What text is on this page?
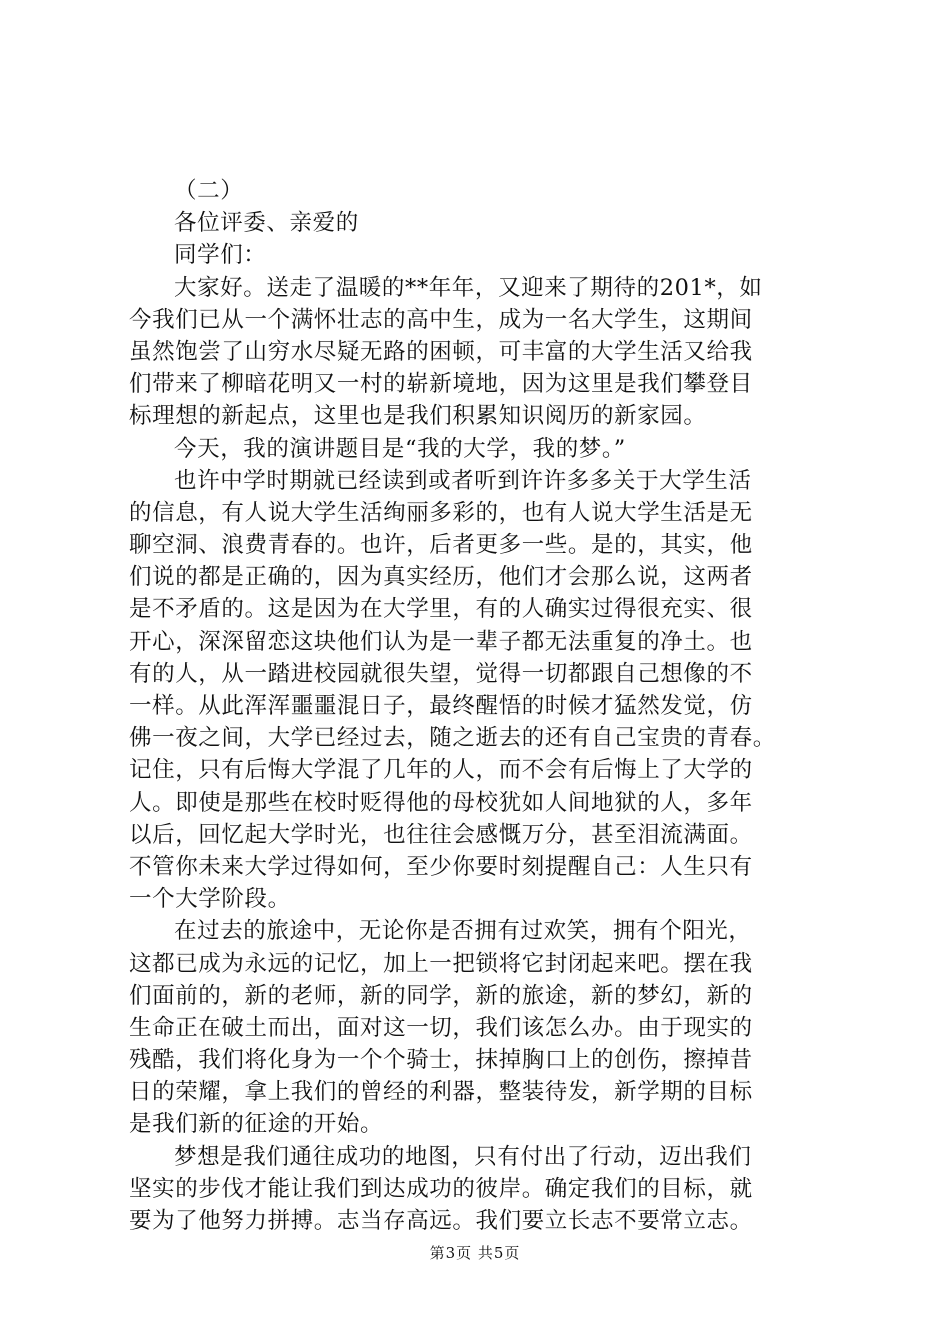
（二）
各位评委、亲爱的
同学们：
大家好。送走了温暖的**年年，又迎来了期待的201*，如
今我们已从一个满怀壮志的高中生，成为一名大学生，这期间
虽然饱尝了山穷水尽疑无路的困顿，可丰富的大学生活又给我
们带来了柳暗花明又一村的崭新境地，因为这里是我们攀登目
标理想的新起点，这里也是我们积累知识阅历的新家园。
今天，我的演讲题目是“我的大学，我的梦。”
也许中学时期就已经读到或者听到许许多多关于大学生活
的信息，有人说大学生活绚丽多彩的，也有人说大学生活是无
聊空洞、浪费青春的。也许，后者更多一些。是的，其实，他
们说的都是正确的，因为真实经历，他们才会那么说，这两者
是不矛盾的。这是因为在大学里，有的人确实过得很充实、很
开心，深深留恋这块他们认为是一辈子都无法重复的净土。也
有的人，从一踏进校园就很失望，觉得一切都跟自己想像的不
一样。从此浑浑噩噩混日子，最终醒悟的时候才猛然发觉，仿
佛一夜之间，大学已经过去，随之逝去的还有自己宝贵的青春。
记住，只有后悔大学混了几年的人，而不会有后悔上了大学的
人。即使是那些在校时贬得他的母校犹如人间地狱的人，多年
以后，回忆起大学时光，也往往会感慨万分，甚至泪流满面。
不管你未来大学过得如何，至少你要时刻提醒自己：人生只有
一个大学阶段。
在过去的旅途中，无论你是否拥有过欢笑，拥有个阳光，
这都已成为永远的记忆，加上一把锁将它封闭起来吧。摆在我
们面前的，新的老师，新的同学，新的旅途，新的梦幻，新的
生命正在破土而出，面对这一切，我们该怎么办。由于现实的
残酷，我们将化身为一个个骑士，抹掉胸口上的创伤，擦掉昔
日的荣耀，拿上我们的曾经的利器，整装待发，新学期的目标
是我们新的征途的开始。
梦想是我们通往成功的地图，只有付出了行动，迈出我们
坚实的步伐才能让我们到达成功的彼岸。确定我们的目标，就
要为了他努力拼搏。志当存高远。我们要立长志不要常立志。
第3页 共5页
